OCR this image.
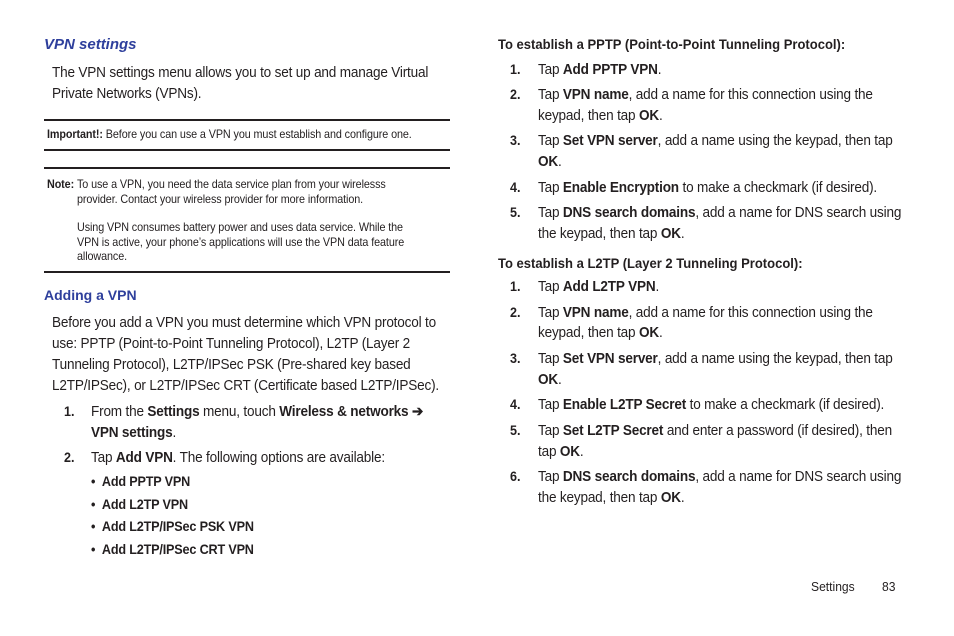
VPN settings
The VPN settings menu allows you to set up and manage Virtual
Private Networks (VPNs).
Important!: Before you can use a VPN you must establish and configure one.
Note: To use a VPN, you need the data service plan from your wirelesss
provider. Contact your wireless provider for more information.
Using VPN consumes battery power and uses data service. While the
VPN is active, your phone’s applications will use the VPN data feature
allowance.
Adding a VPN
Before you add a VPN you must determine which VPN protocol to
use: PPTP (Point-to-Point Tunneling Protocol), L2TP (Layer 2
Tunneling Protocol), L2TP/IPSec PSK (Pre-shared key based
L2TP/IPSec), or L2TP/IPSec CRT (Certificate based L2TP/IPSec).
1. From the Settings menu, touch Wireless & networks ➔
VPN settings.
2. Tap Add VPN. The following options are available:
•  Add PPTP VPN
•  Add L2TP VPN
•  Add L2TP/IPSec PSK VPN
•  Add L2TP/IPSec CRT VPN
To establish a PPTP (Point-to-Point Tunneling Protocol):
1. Tap Add PPTP VPN.
2. Tap VPN name, add a name for this connection using the
keypad, then tap OK.
3. Tap Set VPN server, add a name using the keypad, then tap
OK.
4. Tap Enable Encryption to make a checkmark (if desired).
5. Tap DNS search domains, add a name for DNS search using
the keypad, then tap OK.
To establish a L2TP (Layer 2 Tunneling Protocol):
1. Tap Add L2TP VPN.
2. Tap VPN name, add a name for this connection using the
keypad, then tap OK.
3. Tap Set VPN server, add a name using the keypad, then tap
OK.
4. Tap Enable L2TP Secret to make a checkmark (if desired).
5. Tap Set L2TP Secret and enter a password (if desired), then
tap OK.
6. Tap DNS search domains, add a name for DNS search using
the keypad, then tap OK.
Settings 83
